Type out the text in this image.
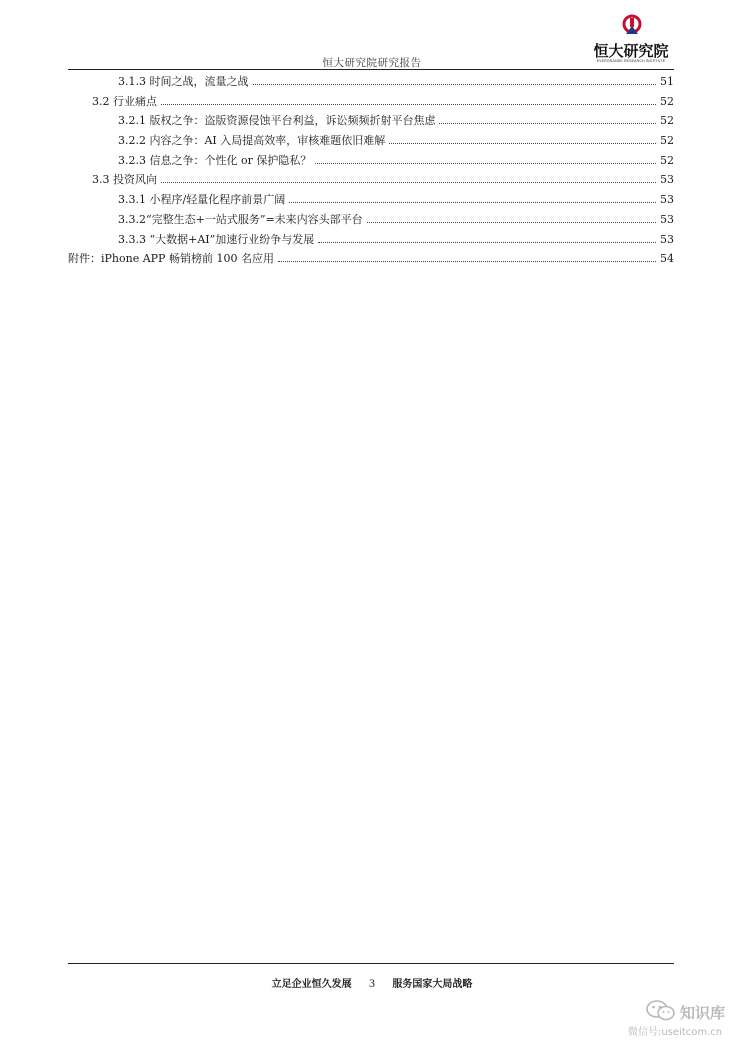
恒大研究院研究报告
恒大研究院
EVERGRANDE RESEARCH INSTITUTE
3.1.3 时间之战，流量之战	51
3.2 行业痛点	52
3.2.1 版权之争：盗版资源侵蚀平台利益，诉讼频频折射平台焦虑	52
3.2.2 内容之争：AI 入局提高效率，审核难题依旧难解	52
3.2.3 信息之争：个性化 or 保护隐私？	52
3.3 投资风向	53
3.3.1 小程序/轻量化程序前景广阔	53
3.3.2“完整生态+一站式服务”=未来内容头部平台	53
3.3.3 “大数据+AI”加速行业纷争与发展	53
附件：iPhone APP 畅销榜前 100 名应用	54
立足企业恒久发展 3 服务国家大局战略
知识库
微信号:useitcom.cn
